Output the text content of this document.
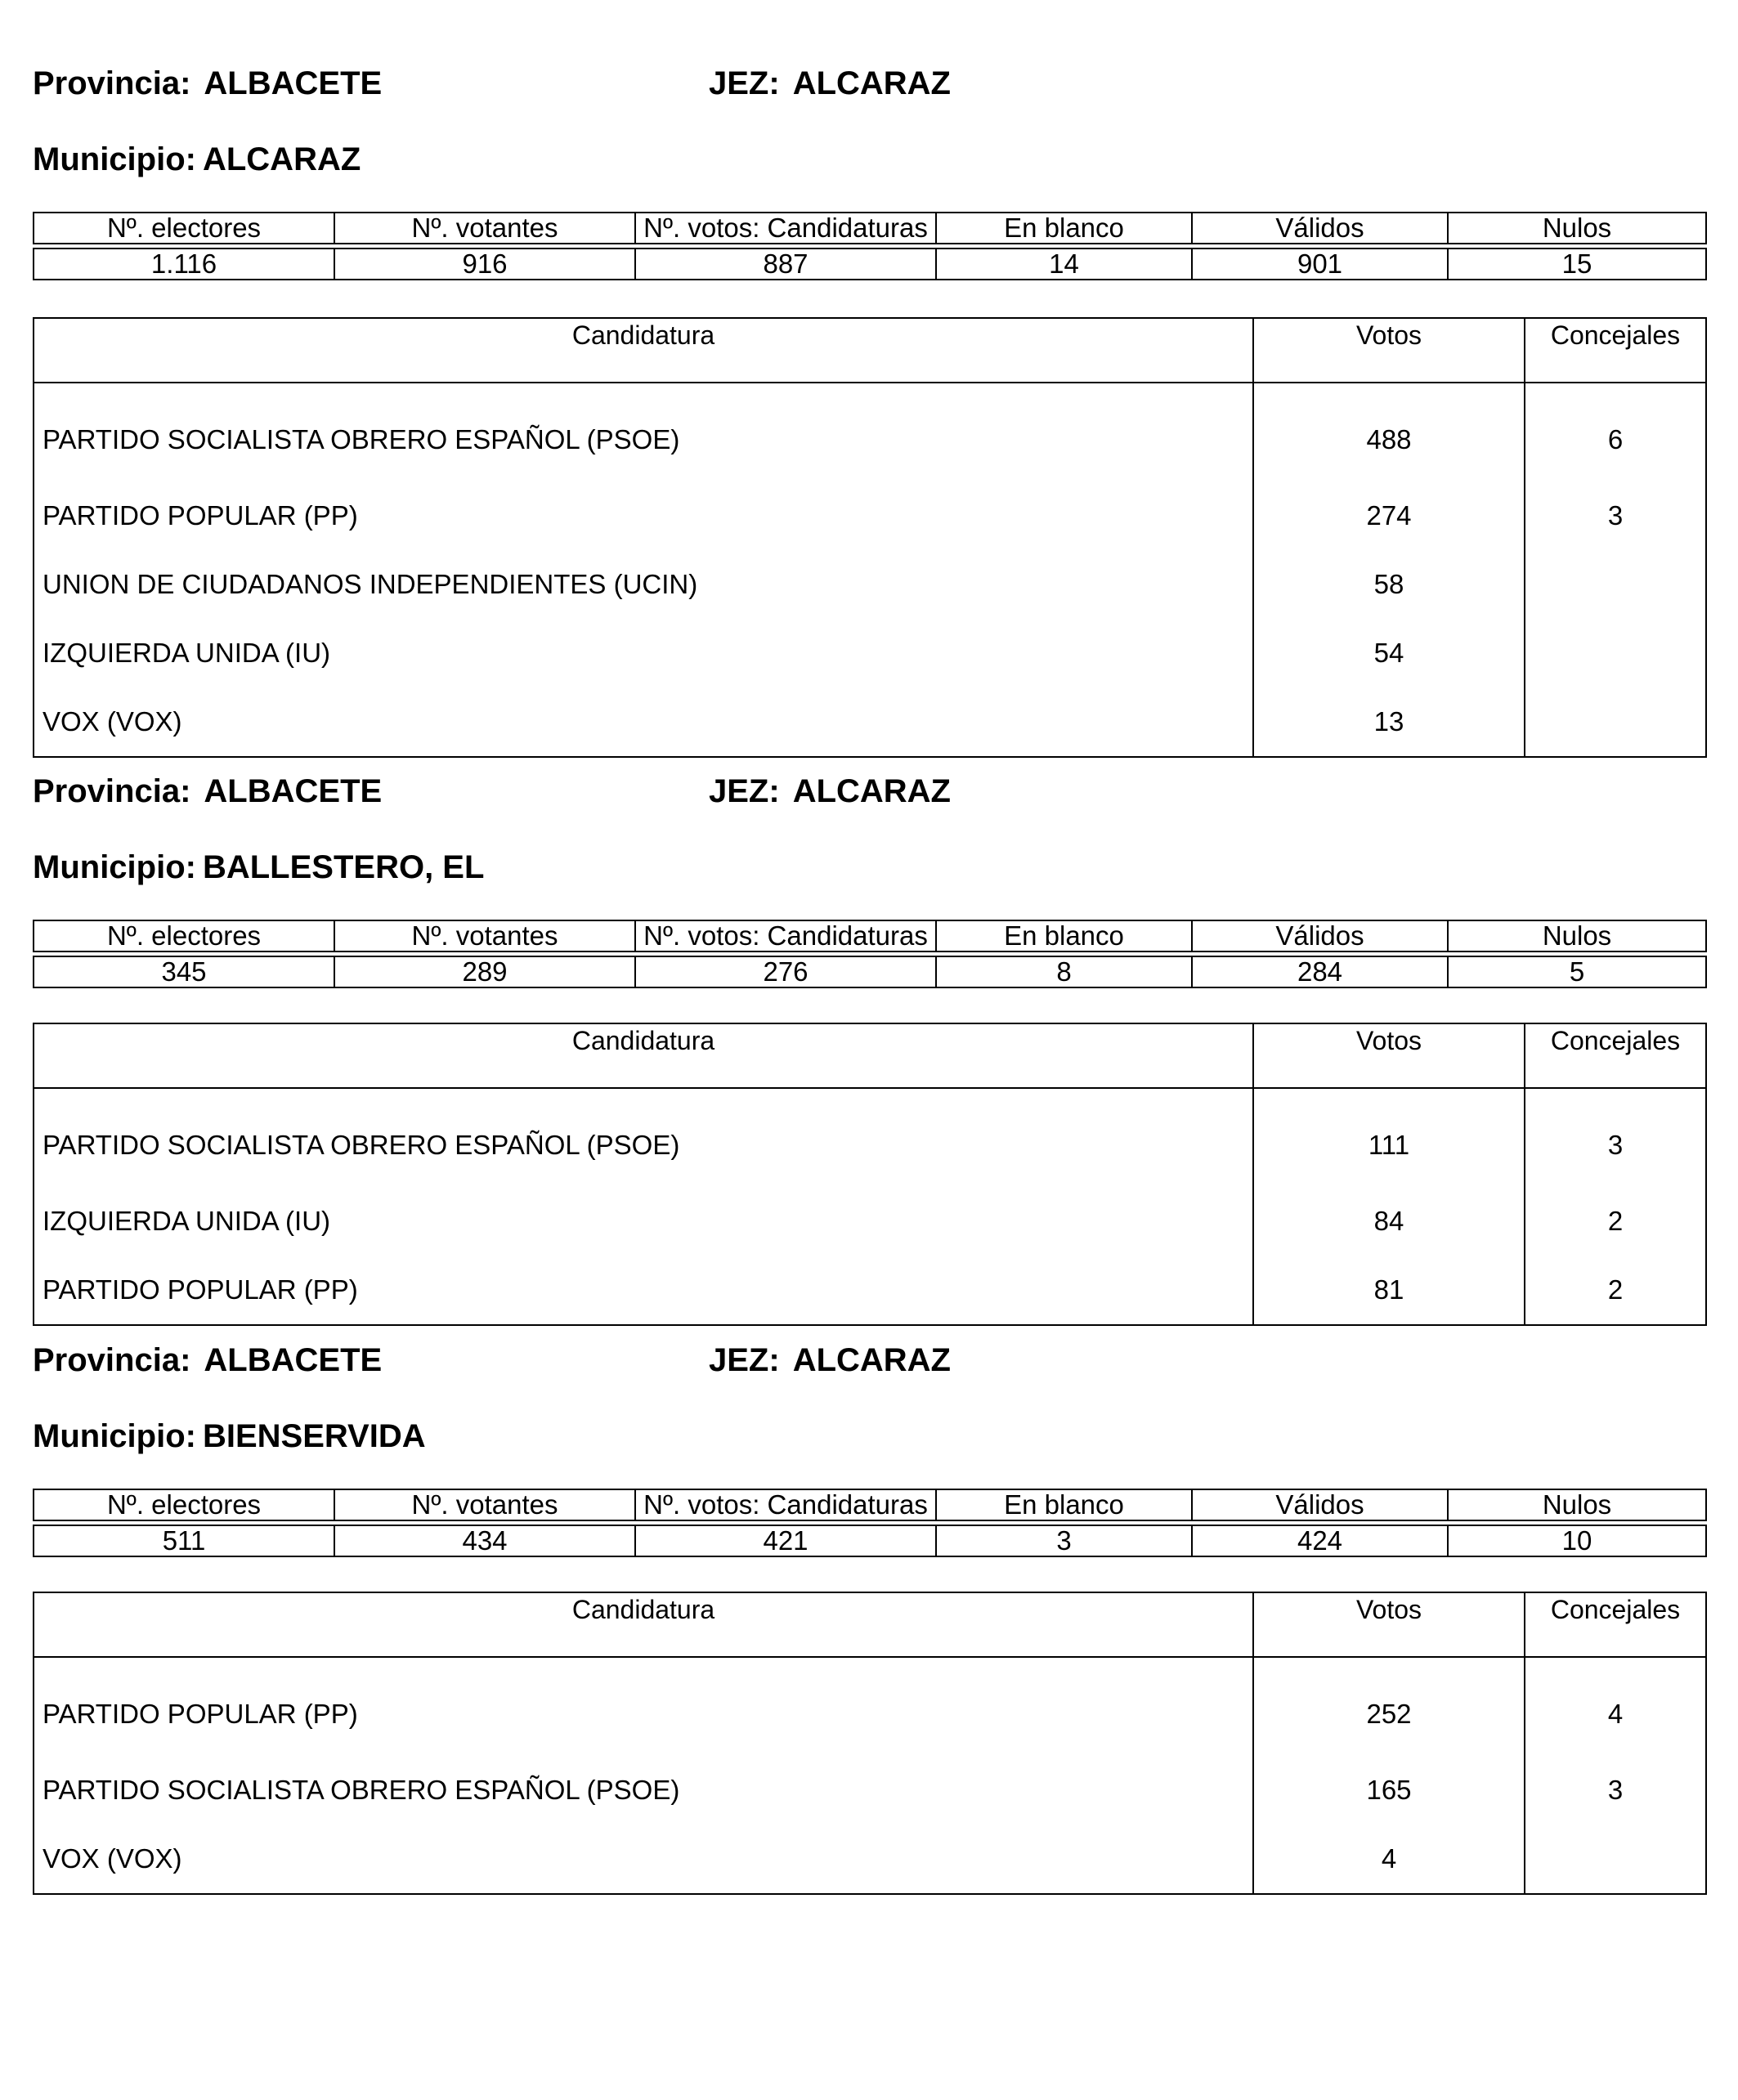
Provincia: ALBACETE	JEZ: ALCARAZ
Municipio: ALCARAZ
Nº. electores	Nº. votantes	Nº. votos: Candidaturas	En blanco	Válidos	Nulos

1.116	916	887	14	901	15
Candidatura	Votos	Concejales
PARTIDO SOCIALISTA OBRERO ESPAÑOL (PSOE)	488	6
PARTIDO POPULAR (PP)	274	3
UNION DE CIUDADANOS INDEPENDIENTES (UCIN)	58	
IZQUIERDA UNIDA (IU)	54	
VOX (VOX)	13	
Provincia: ALBACETE	JEZ: ALCARAZ
Municipio: BALLESTERO, EL
Nº. electores	Nº. votantes	Nº. votos: Candidaturas	En blanco	Válidos	Nulos

345	289	276	8	284	5
Candidatura	Votos	Concejales
PARTIDO SOCIALISTA OBRERO ESPAÑOL (PSOE)	111	3
IZQUIERDA UNIDA (IU)	84	2
PARTIDO POPULAR (PP)	81	2
Provincia: ALBACETE	JEZ: ALCARAZ
Municipio: BIENSERVIDA
Nº. electores	Nº. votantes	Nº. votos: Candidaturas	En blanco	Válidos	Nulos

511	434	421	3	424	10
Candidatura	Votos	Concejales
PARTIDO POPULAR (PP)	252	4
PARTIDO SOCIALISTA OBRERO ESPAÑOL (PSOE)	165	3
VOX (VOX)	4	
